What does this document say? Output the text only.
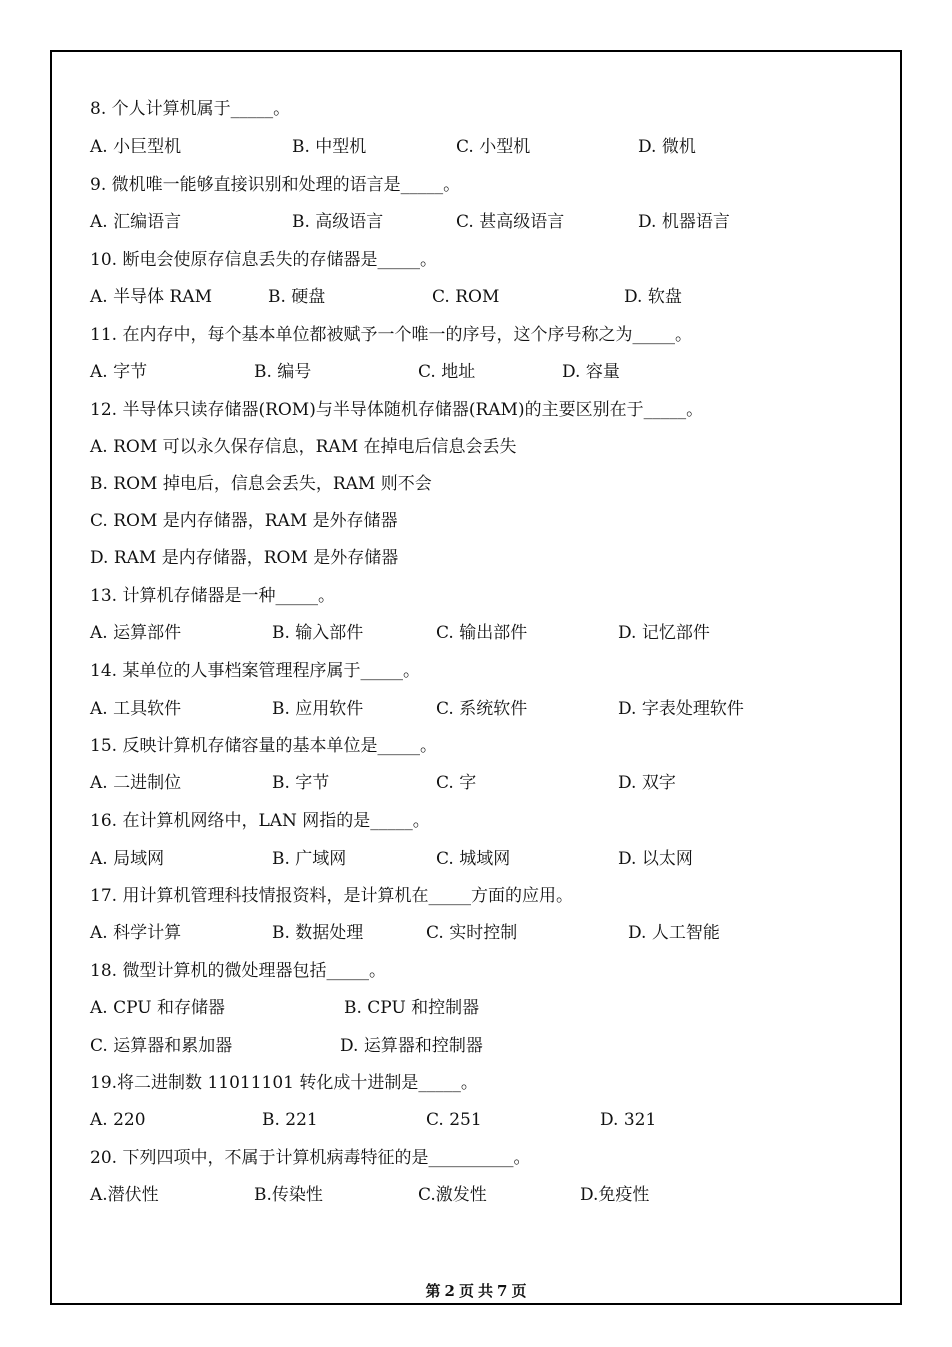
8. 个人计算机属于_____。
A. 小巨型机	B. 中型机	C. 小型机	D. 微机
9. 微机唯一能够直接识别和处理的语言是_____。
A. 汇编语言	B. 高级语言	C. 甚高级语言	D. 机器语言
10. 断电会使原存信息丢失的存储器是_____。
A. 半导体 RAM	B. 硬盘	C. ROM	D. 软盘
11. 在内存中，每个基本单位都被赋予一个唯一的序号，这个序号称之为_____。
A. 字节	B. 编号	C. 地址	D. 容量
12. 半导体只读存储器(ROM)与半导体随机存储器(RAM)的主要区别在于_____。
A. ROM 可以永久保存信息，RAM 在掉电后信息会丢失
B. ROM 掉电后，信息会丢失，RAM 则不会
C. ROM 是内存储器，RAM 是外存储器
D. RAM 是内存储器，ROM 是外存储器
13. 计算机存储器是一种_____。
A. 运算部件	B. 输入部件	C. 输出部件	D. 记忆部件
14. 某单位的人事档案管理程序属于_____。
A. 工具软件	B. 应用软件	C. 系统软件	D. 字表处理软件
15. 反映计算机存储容量的基本单位是_____。
A. 二进制位	B. 字节	C. 字	D. 双字
16. 在计算机网络中，LAN 网指的是_____。
A. 局域网	B. 广域网	C. 城域网	D. 以太网
17. 用计算机管理科技情报资料，是计算机在_____方面的应用。
A. 科学计算	B. 数据处理	C. 实时控制	D. 人工智能
18. 微型计算机的微处理器包括_____。
A. CPU 和存储器	B. CPU 和控制器
C. 运算器和累加器	D. 运算器和控制器
19.将二进制数 11011101 转化成十进制是_____。
A. 220	B. 221	C. 251	D. 321
20. 下列四项中，不属于计算机病毒特征的是__________。
A.潜伏性	B.传染性	C.激发性	D.免疫性
第 2 页 共 7 页
